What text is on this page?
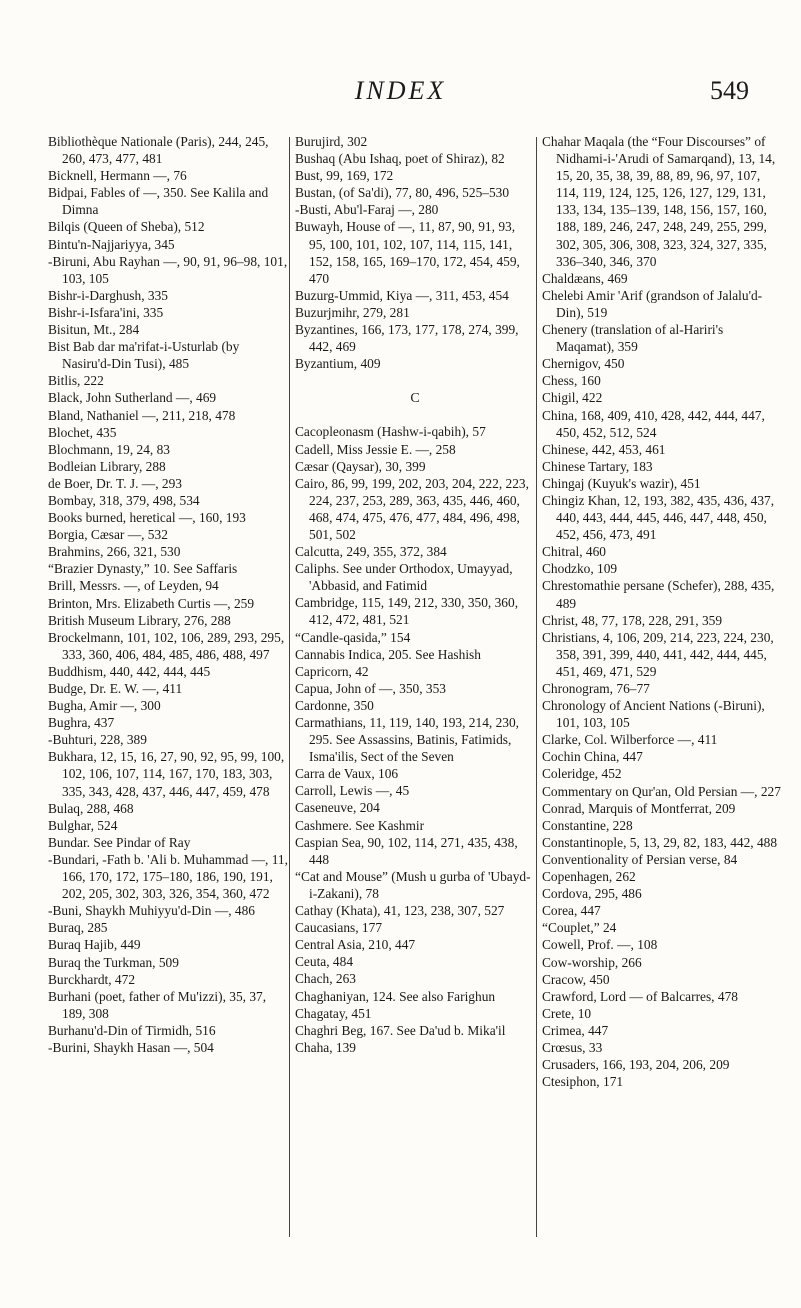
INDEX	549

Bibliothèque Nationale (Paris), 244, 245, 260, 473, 477, 481

Bicknell, Hermann —, 76

Bidpai, Fables of —, 350. See Kalila and Dimna

Bilqis (Queen of Sheba), 512

Bintu'n-Najjariyya, 345

-Biruni, Abu Rayhan —, 90, 91, 96–98, 101, 103, 105

Bishr-i-Darghush, 335

Bishr-i-Isfara'ini, 335

Bisitun, Mt., 284

Bist Bab dar ma'rifat-i-Usturlab (by Nasiru'd-Din Tusi), 485

Bitlis, 222

Black, John Sutherland —, 469

Bland, Nathaniel —, 211, 218, 478

Blochet, 435

Blochmann, 19, 24, 83

Bodleian Library, 288

de Boer, Dr. T. J. —, 293

Bombay, 318, 379, 498, 534

Books burned, heretical —, 160, 193

Borgia, Cæsar —, 532

Brahmins, 266, 321, 530

“Brazier Dynasty,” 10. See Saffaris

Brill, Messrs. —, of Leyden, 94

Brinton, Mrs. Elizabeth Curtis —, 259

British Museum Library, 276, 288

Brockelmann, 101, 102, 106, 289, 293, 295, 333, 360, 406, 484, 485, 486, 488, 497

Buddhism, 440, 442, 444, 445

Budge, Dr. E. W. —, 411

Bugha, Amir —, 300

Bughra, 437

-Buhturi, 228, 389

Bukhara, 12, 15, 16, 27, 90, 92, 95, 99, 100, 102, 106, 107, 114, 167, 170, 183, 303, 335, 343, 428, 437, 446, 447, 459, 478

Bulaq, 288, 468

Bulghar, 524

Bundar. See Pindar of Ray

-Bundari, -Fath b. 'Ali b. Muhammad —, 11, 166, 170, 172, 175–180, 186, 190, 191, 202, 205, 302, 303, 326, 354, 360, 472

-Buni, Shaykh Muhiyyu'd-Din —, 486

Buraq, 285

Buraq Hajib, 449

Buraq the Turkman, 509

Burckhardt, 472

Burhani (poet, father of Mu'izzi), 35, 37, 189, 308

Burhanu'd-Din of Tirmidh, 516

-Burini, Shaykh Hasan —, 504

Burujird, 302

Bushaq (Abu Ishaq, poet of Shiraz), 82

Bust, 99, 169, 172

Bustan, (of Sa'di), 77, 80, 496, 525–530

-Busti, Abu'l-Faraj —, 280

Buwayh, House of —, 11, 87, 90, 91, 93, 95, 100, 101, 102, 107, 114, 115, 141, 152, 158, 165, 169–170, 172, 454, 459, 470

Buzurg-Ummid, Kiya —, 311, 453, 454

Buzurjmihr, 279, 281

Byzantines, 166, 173, 177, 178, 274, 399, 442, 469

Byzantium, 409

C

Cacopleonasm (Hashw-i-qabih), 57

Cadell, Miss Jessie E. —, 258

Cæsar (Qaysar), 30, 399

Cairo, 86, 99, 199, 202, 203, 204, 222, 223, 224, 237, 253, 289, 363, 435, 446, 460, 468, 474, 475, 476, 477, 484, 496, 498, 501, 502

Calcutta, 249, 355, 372, 384

Caliphs. See under Orthodox, Umayyad, 'Abbasid, and Fatimid

Cambridge, 115, 149, 212, 330, 350, 360, 412, 472, 481, 521

“Candle-qasida,” 154

Cannabis Indica, 205. See Hashish

Capricorn, 42

Capua, John of —, 350, 353

Cardonne, 350

Carmathians, 11, 119, 140, 193, 214, 230, 295. See Assassins, Batinis, Fatimids, Isma'ilis, Sect of the Seven

Carra de Vaux, 106

Carroll, Lewis —, 45

Caseneuve, 204

Cashmere. See Kashmir

Caspian Sea, 90, 102, 114, 271, 435, 438, 448

“Cat and Mouse” (Mush u gurba of 'Ubayd-i-Zakani), 78

Cathay (Khata), 41, 123, 238, 307, 527

Caucasians, 177

Central Asia, 210, 447

Ceuta, 484

Chach, 263

Chaghaniyan, 124. See also Farighun

Chagatay, 451

Chaghri Beg, 167. See Da'ud b. Mika'il

Chaha, 139

Chahar Maqala (the “Four Discourses” of Nidhami-i-'Arudi of Samarqand), 13, 14, 15, 20, 35, 38, 39, 88, 89, 96, 97, 107, 114, 119, 124, 125, 126, 127, 129, 131, 133, 134, 135–139, 148, 156, 157, 160, 188, 189, 246, 247, 248, 249, 255, 299, 302, 305, 306, 308, 323, 324, 327, 335, 336–340, 346, 370

Chaldæans, 469

Chelebi Amir 'Arif (grandson of Jalalu'd-Din), 519

Chenery (translation of al-Hariri's Maqamat), 359

Chernigov, 450

Chess, 160

Chigil, 422

China, 168, 409, 410, 428, 442, 444, 447, 450, 452, 512, 524

Chinese, 442, 453, 461

Chinese Tartary, 183

Chingaj (Kuyuk's wazir), 451

Chingiz Khan, 12, 193, 382, 435, 436, 437, 440, 443, 444, 445, 446, 447, 448, 450, 452, 456, 473, 491

Chitral, 460

Chodzko, 109

Chrestomathie persane (Schefer), 288, 435, 489

Christ, 48, 77, 178, 228, 291, 359

Christians, 4, 106, 209, 214, 223, 224, 230, 358, 391, 399, 440, 441, 442, 444, 445, 451, 469, 471, 529

Chronogram, 76–77

Chronology of Ancient Nations (-Biruni), 101, 103, 105

Clarke, Col. Wilberforce —, 411

Cochin China, 447

Coleridge, 452

Commentary on Qur'an, Old Persian —, 227

Conrad, Marquis of Montferrat, 209

Constantine, 228

Constantinople, 5, 13, 29, 82, 183, 442, 488

Conventionality of Persian verse, 84

Copenhagen, 262

Cordova, 295, 486

Corea, 447

“Couplet,” 24

Cowell, Prof. —, 108

Cow-worship, 266

Cracow, 450

Crawford, Lord — of Balcarres, 478

Crete, 10

Crimea, 447

Crœsus, 33

Crusaders, 166, 193, 204, 206, 209

Ctesiphon, 171
